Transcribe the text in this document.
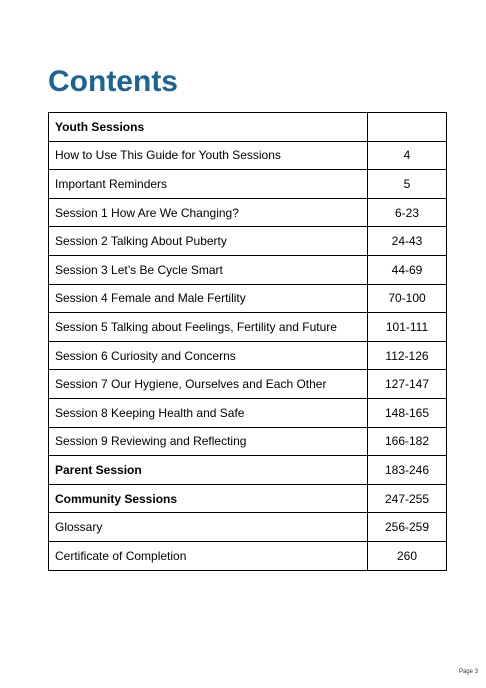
Contents
Youth Sessions	
How to Use This Guide for Youth Sessions	4
Important Reminders	5
Session 1 How Are We Changing?	6-23
Session 2 Talking About Puberty	24-43
Session 3 Let’s Be Cycle Smart	44-69
Session 4 Female and Male Fertility	70-100
Session 5 Talking about Feelings, Fertility and Future	101-111
Session 6 Curiosity and Concerns	112-126
Session 7 Our Hygiene, Ourselves and Each Other	127-147
Session 8 Keeping Health and Safe	148-165
Session 9 Reviewing and Reflecting	166-182
Parent Session	183-246
Community Sessions	247-255
Glossary	256-259
Certificate of Completion	260
Page 3
